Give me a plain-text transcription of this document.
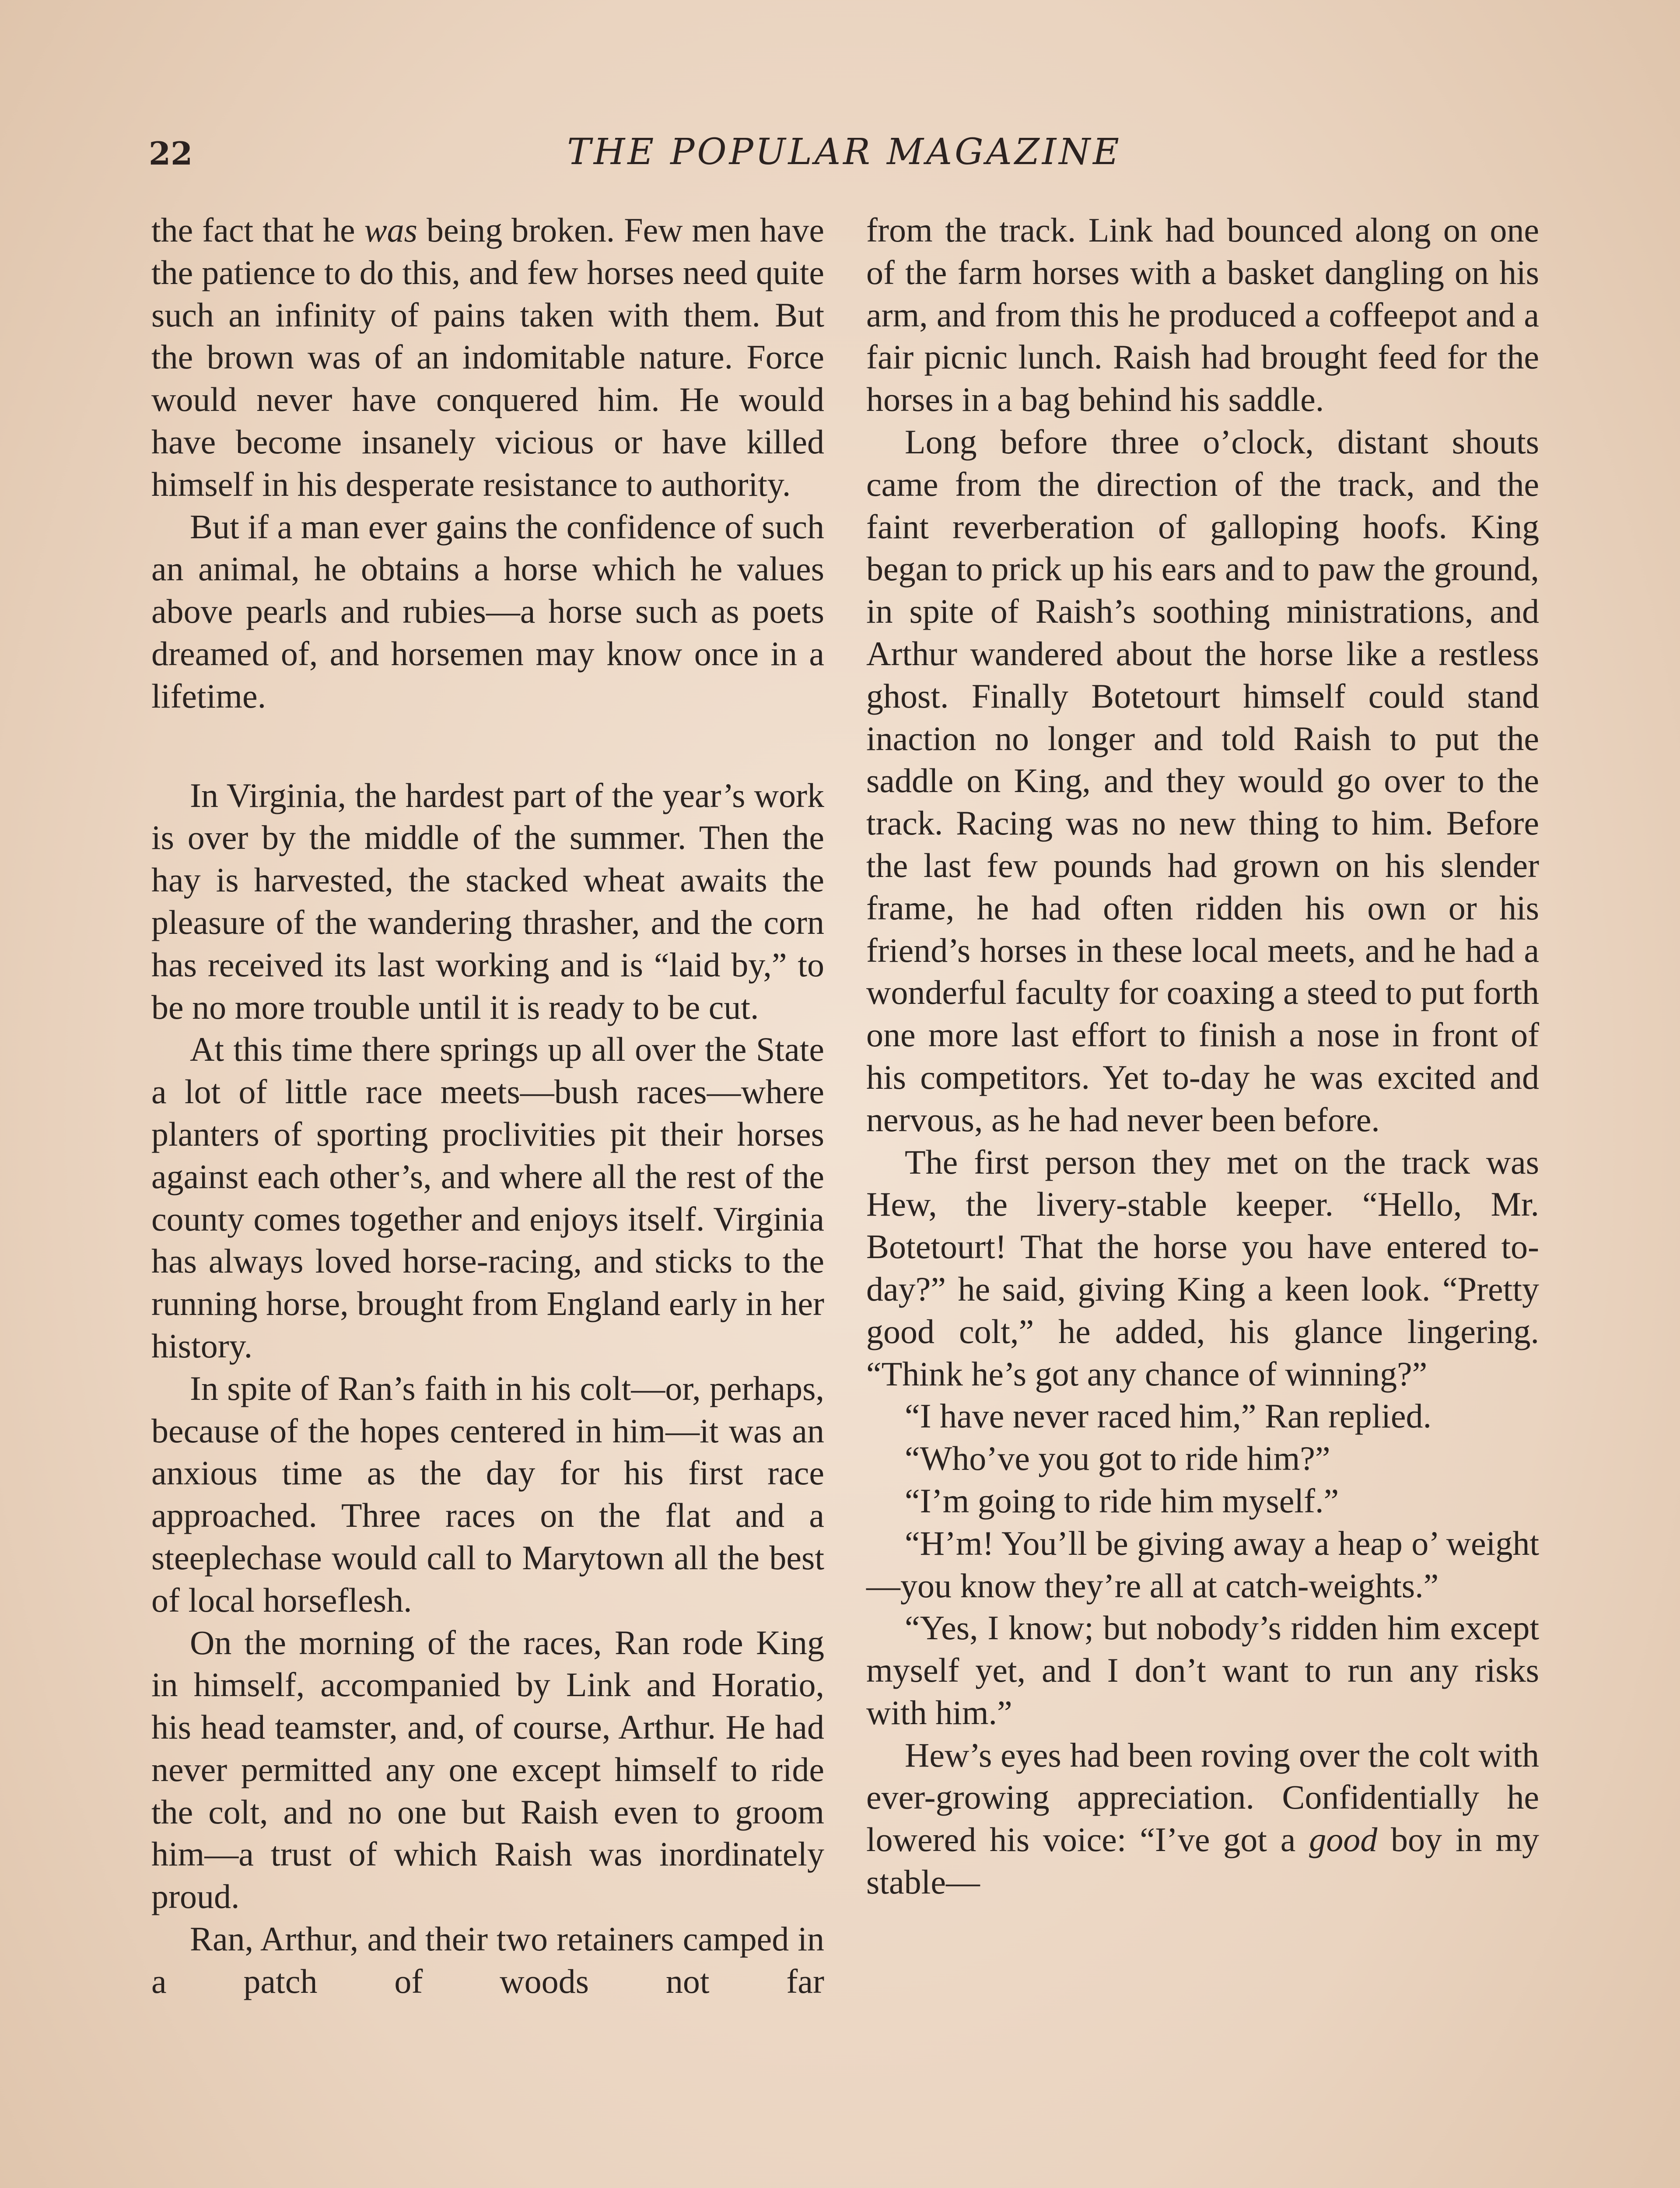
22	THE POPULAR MAGAZINE

the fact that he was being broken. Few men have the patience to do this, and few horses need quite such an infinity of pains taken with them. But the brown was of an indomitable nature. Force would never have conquered him. He would have become insanely vicious or have killed himself in his desperate resistance to authority.

But if a man ever gains the confidence of such an animal, he obtains a horse which he values above pearls and rubies—a horse such as poets dreamed of, and horsemen may know once in a lifetime.

In Virginia, the hardest part of the year’s work is over by the middle of the summer. Then the hay is harvested, the stacked wheat awaits the pleasure of the wandering thrasher, and the corn has received its last working and is “laid by,” to be no more trouble until it is ready to be cut.

At this time there springs up all over the State a lot of little race meets—bush races—where planters of sporting proclivities pit their horses against each other’s, and where all the rest of the county comes together and enjoys itself. Virginia has always loved horse-racing, and sticks to the running horse, brought from England early in her history.

In spite of Ran’s faith in his colt—or, perhaps, because of the hopes centered in him—it was an anxious time as the day for his first race approached. Three races on the flat and a steeplechase would call to Marytown all the best of local horseflesh.

On the morning of the races, Ran rode King in himself, accompanied by Link and Horatio, his head teamster, and, of course, Arthur. He had never permitted any one except himself to ride the colt, and no one but Raish even to groom him—a trust of which Raish was inordinately proud.

Ran, Arthur, and their two retainers camped in a patch of woods not far

from the track. Link had bounced along on one of the farm horses with a basket dangling on his arm, and from this he produced a coffeepot and a fair picnic lunch. Raish had brought feed for the horses in a bag behind his saddle.

Long before three o’clock, distant shouts came from the direction of the track, and the faint reverberation of galloping hoofs. King began to prick up his ears and to paw the ground, in spite of Raish’s soothing ministrations, and Arthur wandered about the horse like a restless ghost. Finally Botetourt himself could stand inaction no longer and told Raish to put the saddle on King, and they would go over to the track. Racing was no new thing to him. Before the last few pounds had grown on his slender frame, he had often ridden his own or his friend’s horses in these local meets, and he had a wonderful faculty for coaxing a steed to put forth one more last effort to finish a nose in front of his competitors. Yet to-day he was excited and nervous, as he had never been before.

The first person they met on the track was Hew, the livery-stable keeper. “Hello, Mr. Botetourt! That the horse you have entered to-day?” he said, giving King a keen look. “Pretty good colt,” he added, his glance lingering. “Think he’s got any chance of winning?”

“I have never raced him,” Ran replied.

“Who’ve you got to ride him?”

“I’m going to ride him myself.”

“H’m! You’ll be giving away a heap o’ weight—you know they’re all at catch-weights.”

“Yes, I know; but nobody’s ridden him except myself yet, and I don’t want to run any risks with him.”

Hew’s eyes had been roving over the colt with ever-growing appreciation. Confidentially he lowered his voice: “I’ve got a good boy in my stable—
